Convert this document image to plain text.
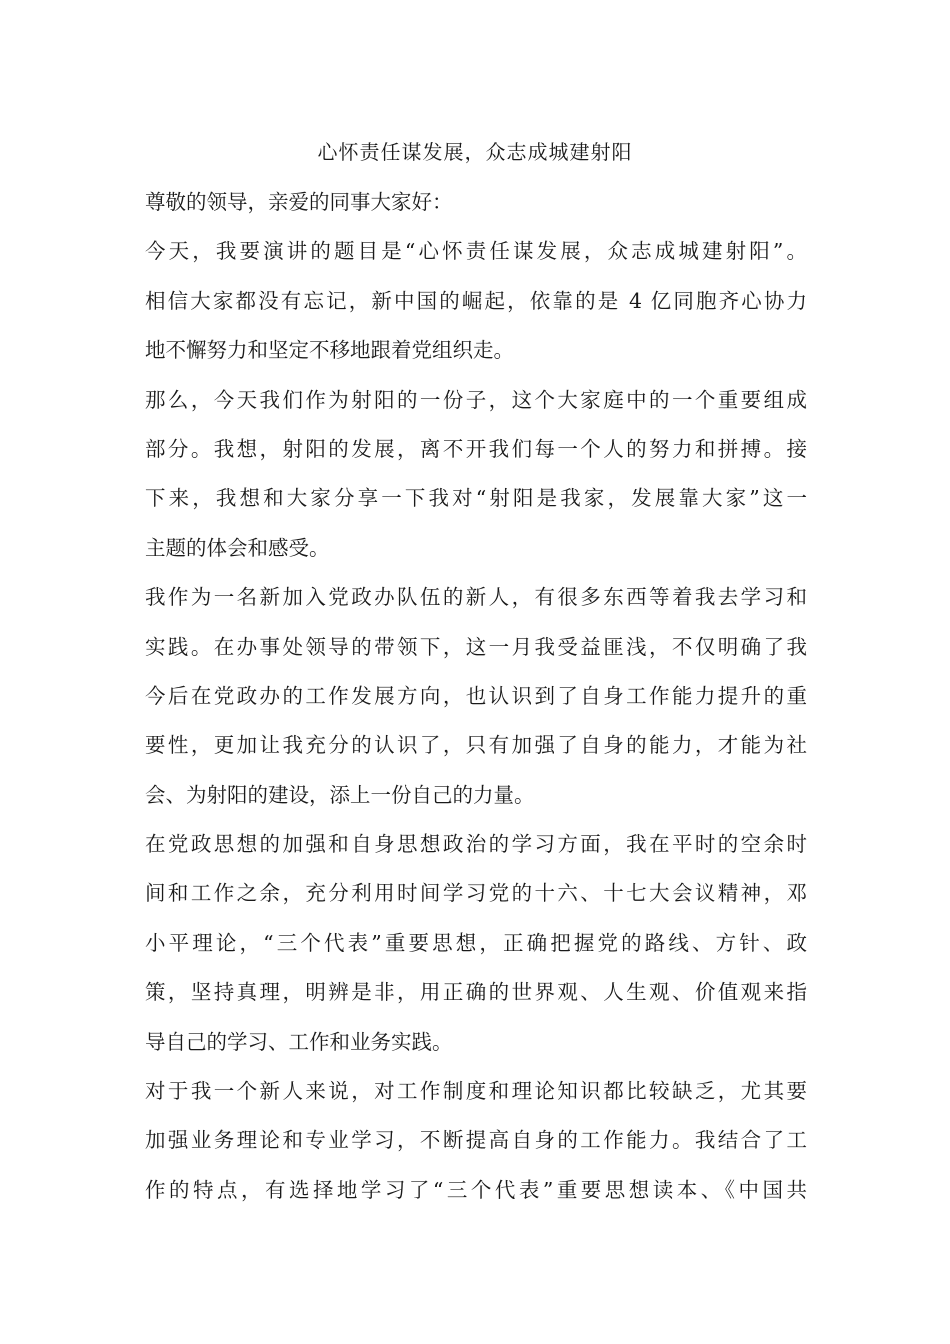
心怀责任谋发展，众志成城建射阳
尊敬的领导，亲爱的同事大家好：
今天，我要演讲的题目是“心怀责任谋发展，众志成城建射阳”。
相信大家都没有忘记，新中国的崛起，依靠的是 4 亿同胞齐心协力
地不懈努力和坚定不移地跟着党组织走。
那么，今天我们作为射阳的一份子，这个大家庭中的一个重要组成
部分。我想，射阳的发展，离不开我们每一个人的努力和拼搏。接
下来，我想和大家分享一下我对“射阳是我家，发展靠大家”这一
主题的体会和感受。
我作为一名新加入党政办队伍的新人，有很多东西等着我去学习和
实践。在办事处领导的带领下，这一月我受益匪浅，不仅明确了我
今后在党政办的工作发展方向，也认识到了自身工作能力提升的重
要性，更加让我充分的认识了，只有加强了自身的能力，才能为社
会、为射阳的建设，添上一份自己的力量。
在党政思想的加强和自身思想政治的学习方面，我在平时的空余时
间和工作之余，充分利用时间学习党的十六、十七大会议精神，邓
小平理论，“三个代表”重要思想，正确把握党的路线、方针、政
策，坚持真理，明辨是非，用正确的世界观、人生观、价值观来指
导自己的学习、工作和业务实践。
对于我一个新人来说，对工作制度和理论知识都比较缺乏，尤其要
加强业务理论和专业学习，不断提高自身的工作能力。我结合了工
作的特点，有选择地学习了“三个代表”重要思想读本、《中国共
